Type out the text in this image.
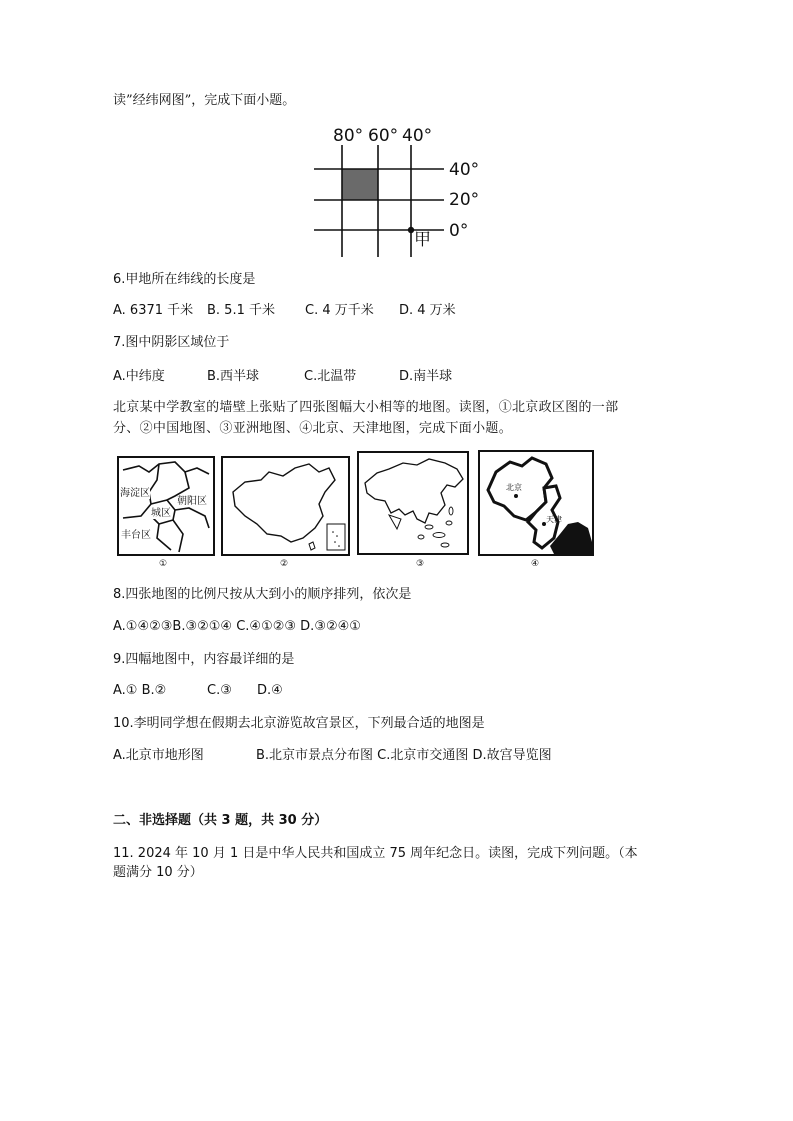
读”经纬网图”，完成下面小题。
80° 60° 40°
40°
20°
0°
甲
6.甲地所在纬线的长度是
A. 6371 千米 B. 5.1 千米 C. 4 万千米 D. 4 万米
7.图中阴影区域位于
A.中纬度	B.西半球	C.北温带	D.南半球
北京某中学教室的墙壁上张贴了四张图幅大小相等的地图。读图，①北京政区图的一部
分、②中国地图、③亚洲地图、④北京、天津地图，完成下面小题。
海淀区
朝阳区
城区
丰台区
①	②	③
北京
天津
④
8.四张地图的比例尺按从大到小的顺序排列，依次是
A.①④②③B.③②①④ C.④①②③ D.③②④①
9.四幅地图中，内容最详细的是
A.① B.②	C.③ D.④
10.李明同学想在假期去北京游览故宫景区，下列最合适的地图是
A.北京市地形图	B.北京市景点分布图 C.北京市交通图 D.故宫导览图
二、非选择题（共 3 题，共 30 分）
11. 2024 年 10 月 1 日是中华人民共和国成立 75 周年纪念日。读图，完成下列问题。（本
题满分 10 分）
